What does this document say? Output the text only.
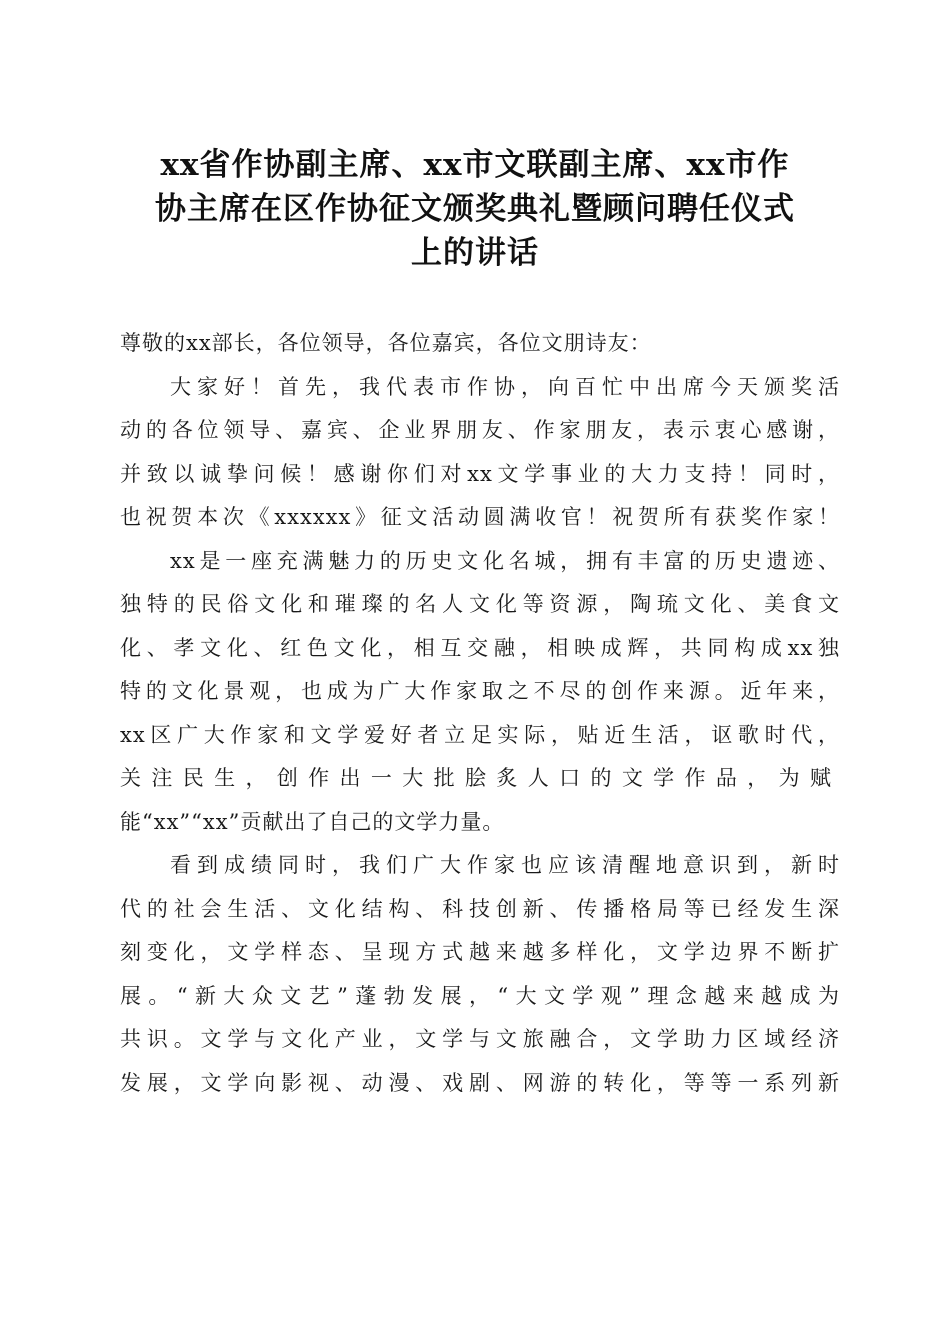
xx省作协副主席、xx市文联副主席、xx市作
协主席在区作协征文颁奖典礼暨顾问聘任仪式
上的讲话
尊敬的xx部长，各位领导，各位嘉宾，各位文朋诗友：
大家好！首先，我代表市作协，向百忙中出席今天颁奖活
动的各位领导、嘉宾、企业界朋友、作家朋友，表示衷心感谢，
并致以诚挚问候！感谢你们对xx文学事业的大力支持！同时，
也祝贺本次《xxxxxx》征文活动圆满收官！祝贺所有获奖作家！
xx是一座充满魅力的历史文化名城，拥有丰富的历史遗迹、
独特的民俗文化和璀璨的名人文化等资源，陶琉文化、美食文
化、孝文化、红色文化，相互交融，相映成辉，共同构成xx独
特的文化景观，也成为广大作家取之不尽的创作来源。近年来，
xx区广大作家和文学爱好者立足实际，贴近生活，讴歌时代，
关注民生，创作出一大批脍炙人口的文学作品，为赋
能“xx”“xx”贡献出了自己的文学力量。
看到成绩同时，我们广大作家也应该清醒地意识到，新时
代的社会生活、文化结构、科技创新、传播格局等已经发生深
刻变化，文学样态、呈现方式越来越多样化，文学边界不断扩
展。“新大众文艺”蓬勃发展，“大文学观”理念越来越成为
共识。文学与文化产业，文学与文旅融合，文学助力区域经济
发展，文学向影视、动漫、戏剧、网游的转化，等等一系列新
